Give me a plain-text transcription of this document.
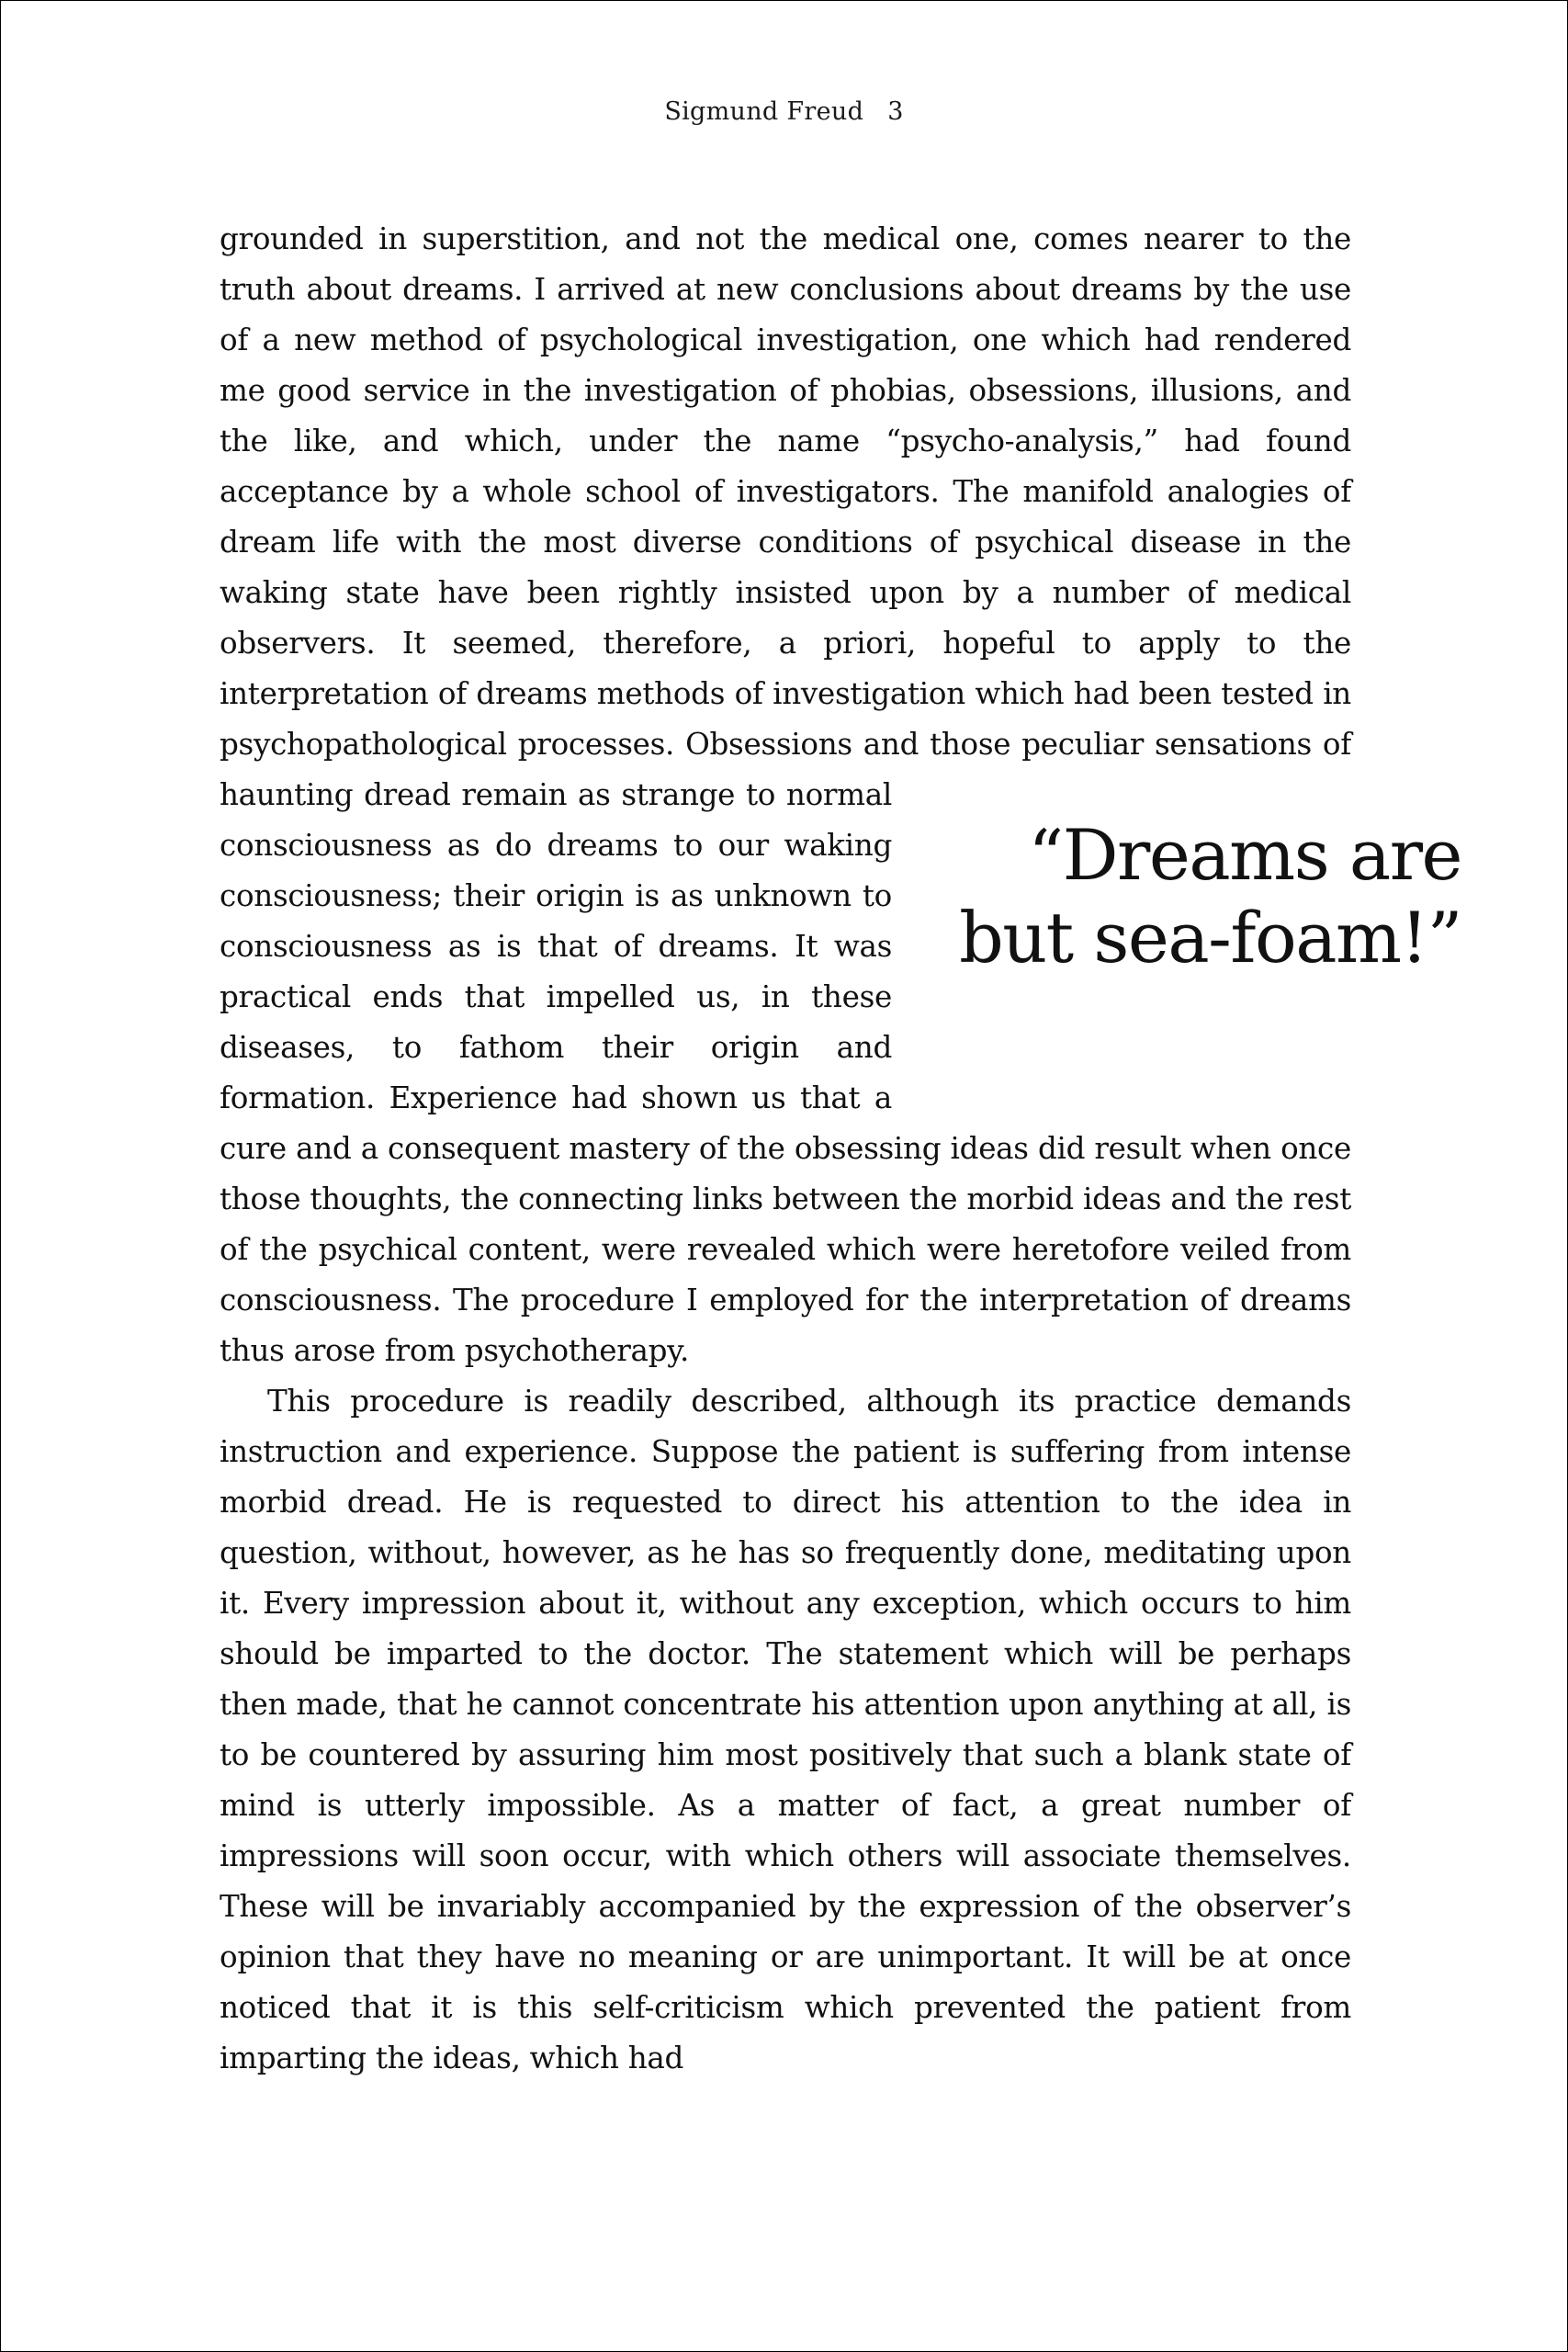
Sigmund Freud 3

grounded in superstition, and not the medical one, comes nearer to the truth about dreams. I arrived at new conclusions about dreams by the use of a new method of psychological investigation, one which had rendered me good service in the investigation of phobias, obsessions, illusions, and the like, and which, under the name “psycho-analysis,” had found acceptance by a whole school of investigators. The manifold analogies of dream life with the most diverse conditions of psychical disease in the waking state have been rightly insisted upon by a number of medical observers. It seemed, therefore, a priori, hopeful to apply to the interpretation of dreams methods of investigation which had been tested in psychopathological processes. Obsessions and those
“Dreams are but sea-foam!”
peculiar sensations of haunting dread remain as strange to normal consciousness as do dreams to our waking consciousness; their origin is as unknown to consciousness as is that of dreams. It was practical ends that impelled us, in these diseases, to fathom their origin and formation. Experience had shown us that a cure and a consequent mastery of the obsessing ideas did result when once those thoughts, the connecting links between the morbid ideas and the rest of the psychical content, were revealed which were heretofore veiled from consciousness. The procedure I employed for the interpretation of dreams thus arose from psychotherapy.

This procedure is readily described, although its practice demands instruction and experience. Suppose the patient is suffering from intense morbid dread. He is requested to direct his attention to the idea in question, without, however, as he has so frequently done, meditating upon it. Every impression about it, without any exception, which occurs to him should be imparted to the doctor. The statement which will be perhaps then made, that he cannot concentrate his attention upon anything at all, is to be countered by assuring him most positively that such a blank state of mind is utterly impossible. As a matter of fact, a great number of impressions will soon occur, with which others will associate themselves. These will be invariably accompanied by the expression of the observer’s opinion that they have no meaning or are unimportant. It will be at once noticed that it is this self-criticism which prevented the patient from imparting the ideas, which had
